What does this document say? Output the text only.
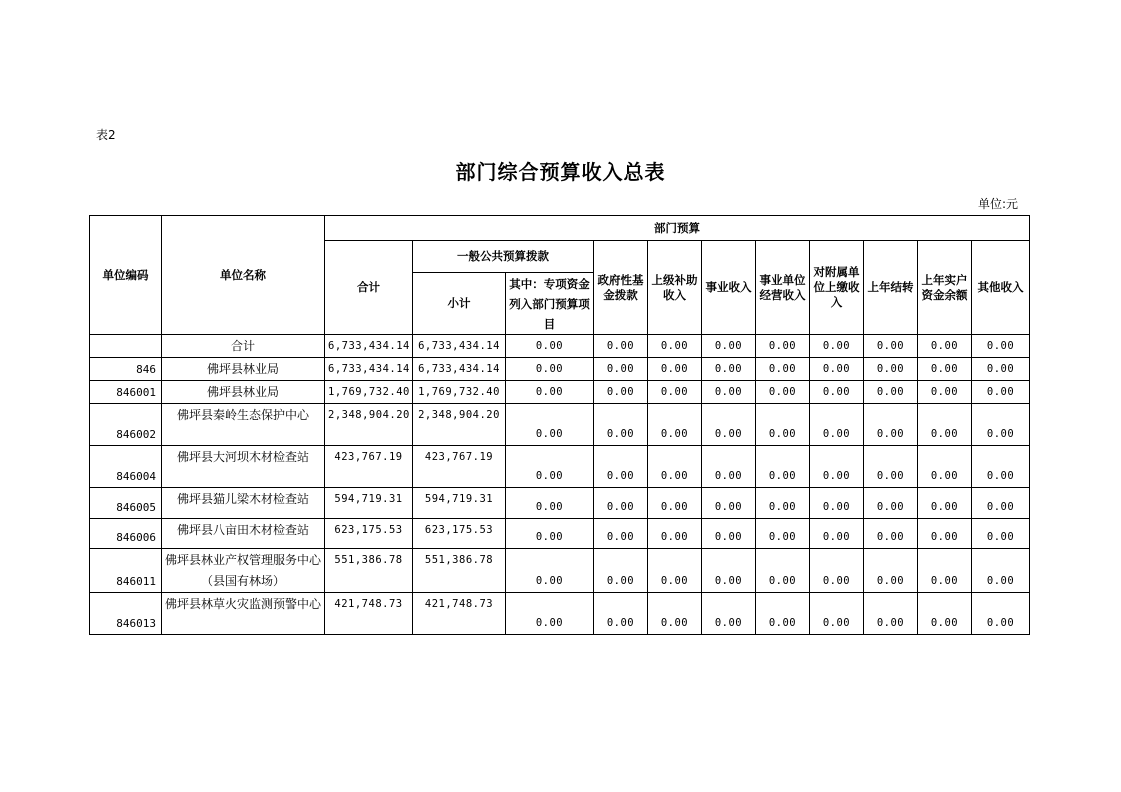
表2
部门综合预算收入总表
单位:元
单位编码	单位名称	部门预算										
		合计	一般公共预算拨款		政府性基金拨款	上级补助收入	事业收入	事业单位经营收入	对附属单位上缴收入	上年结转	上年实户资金余额	其他收入
			小计	其中：专项资金列入部门预算项目								
	合计	6,733,434.14	6,733,434.14	0.00	0.00	0.00	0.00	0.00	0.00	0.00	0.00	0.00
846	佛坪县林业局	6,733,434.14	6,733,434.14	0.00	0.00	0.00	0.00	0.00	0.00	0.00	0.00	0.00
846001	佛坪县林业局	1,769,732.40	1,769,732.40	0.00	0.00	0.00	0.00	0.00	0.00	0.00	0.00	0.00
846002	佛坪县秦岭生态保护中心	2,348,904.20	2,348,904.20	0.00	0.00	0.00	0.00	0.00	0.00	0.00	0.00	0.00
846004	佛坪县大河坝木材检查站	423,767.19	423,767.19	0.00	0.00	0.00	0.00	0.00	0.00	0.00	0.00	0.00
846005	佛坪县猫儿梁木材检查站	594,719.31	594,719.31	0.00	0.00	0.00	0.00	0.00	0.00	0.00	0.00	0.00
846006	佛坪县八亩田木材检查站	623,175.53	623,175.53	0.00	0.00	0.00	0.00	0.00	0.00	0.00	0.00	0.00
846011	佛坪县林业产权管理服务中心（县国有林场）	551,386.78	551,386.78	0.00	0.00	0.00	0.00	0.00	0.00	0.00	0.00	0.00
846013	佛坪县林草火灾监测预警中心	421,748.73	421,748.73	0.00	0.00	0.00	0.00	0.00	0.00	0.00	0.00	0.00
